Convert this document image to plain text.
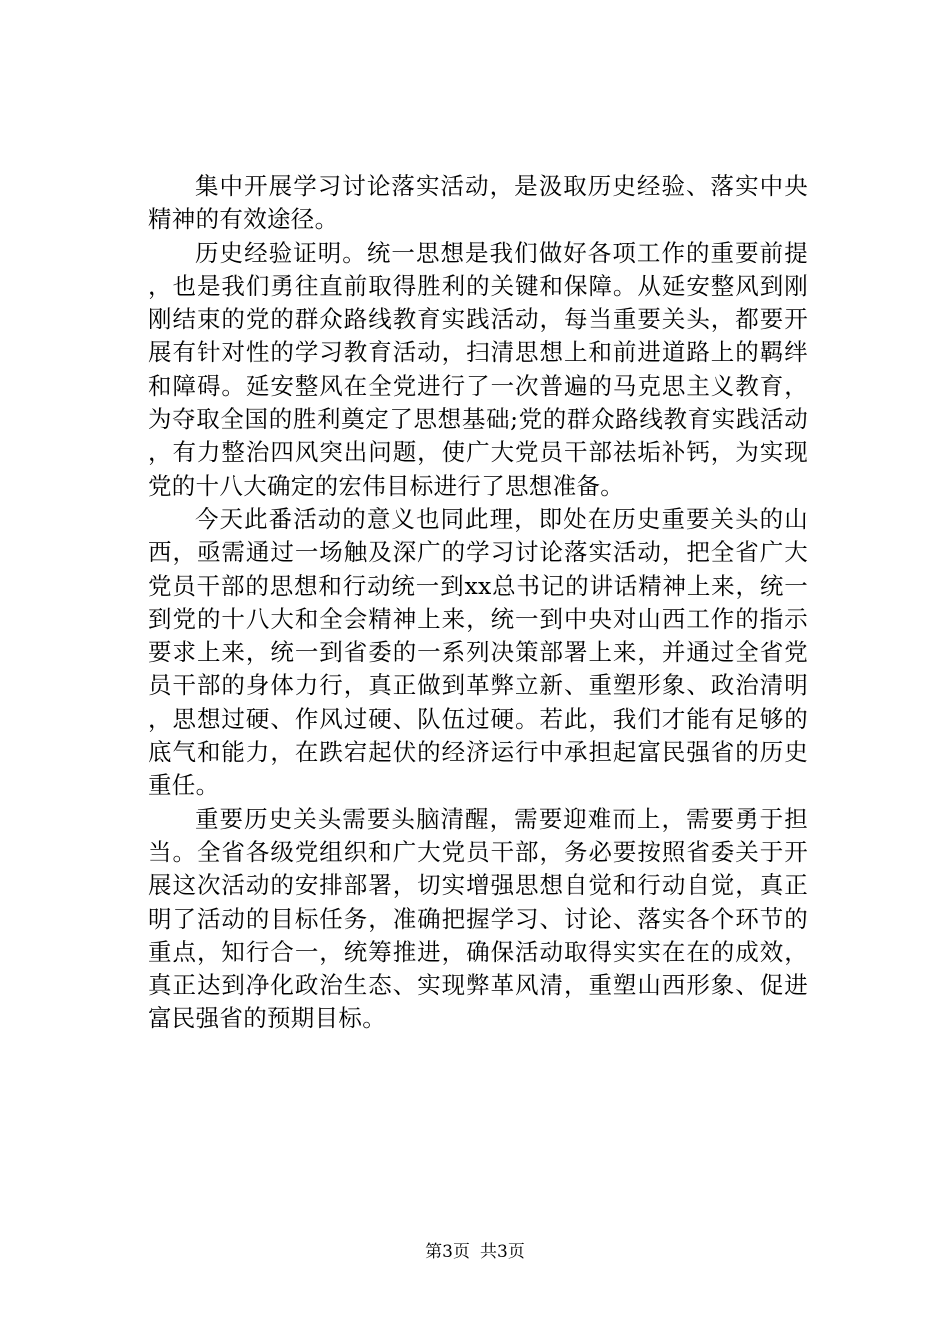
集中开展学习讨论落实活动，是汲取历史经验、落实中央精神的有效途径。

历史经验证明。统一思想是我们做好各项工作的重要前提，也是我们勇往直前取得胜利的关键和保障。从延安整风到刚刚结束的党的群众路线教育实践活动，每当重要关头，都要开展有针对性的学习教育活动，扫清思想上和前进道路上的羁绊和障碍。延安整风在全党进行了一次普遍的马克思主义教育，为夺取全国的胜利奠定了思想基础;党的群众路线教育实践活动，有力整治四风突出问题，使广大党员干部祛垢补钙，为实现党的十八大确定的宏伟目标进行了思想准备。

今天此番活动的意义也同此理，即处在历史重要关头的山西，亟需通过一场触及深广的学习讨论落实活动，把全省广大党员干部的思想和行动统一到xx总书记的讲话精神上来，统一到党的十八大和全会精神上来，统一到中央对山西工作的指示要求上来，统一到省委的一系列决策部署上来，并通过全省党员干部的身体力行，真正做到革弊立新、重塑形象、政治清明，思想过硬、作风过硬、队伍过硬。若此，我们才能有足够的底气和能力，在跌宕起伏的经济运行中承担起富民强省的历史重任。

重要历史关头需要头脑清醒，需要迎难而上，需要勇于担当。全省各级党组织和广大党员干部，务必要按照省委关于开展这次活动的安排部署，切实增强思想自觉和行动自觉，真正明了活动的目标任务，准确把握学习、讨论、落实各个环节的重点，知行合一，统筹推进，确保活动取得实实在在的成效，真正达到净化政治生态、实现弊革风清，重塑山西形象、促进富民强省的预期目标。

第3页 共3页
